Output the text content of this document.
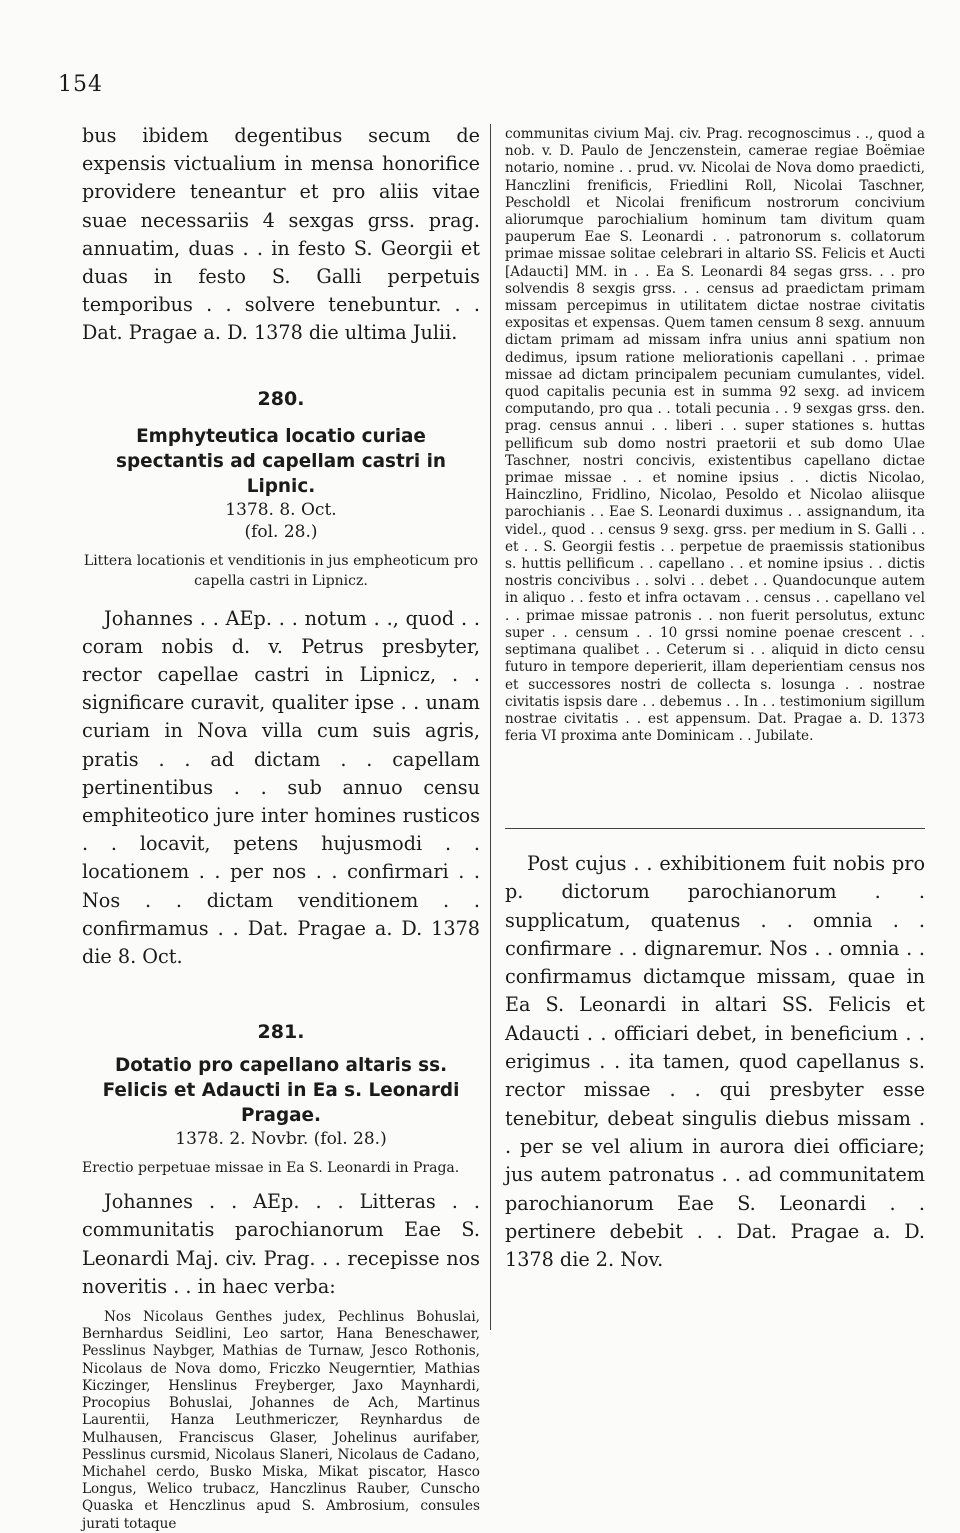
154

bus ibidem degentibus secum de expensis victualium in mensa honorifice providere teneantur et pro aliis vitae suae necessariis 4 sexgas grss. prag. annuatim, duas . . in festo S. Georgii et duas in festo S. Galli perpetuis temporibus . . solvere tenebuntur. . . Dat. Pragae a. D. 1378 die ultima Julii.

280.

Emphyteutica locatio curiae spectantis ad capellam castri in Lipnic.

1378. 8. Oct.

(fol. 28.)

Littera locationis et venditionis in jus empheoticum pro capella castri in Lipnicz.

Johannes . . AEp. . . notum . ., quod . . coram nobis d. v. Petrus presbyter, rector capellae castri in Lipnicz, . . significare curavit, qualiter ipse . . unam curiam in Nova villa cum suis agris, pratis . . ad dictam . . capellam pertinentibus . . sub annuo censu emphiteotico jure inter homines rusticos . . locavit, petens hujusmodi . . locationem . . per nos . . confirmari . . Nos . . dictam venditionem . . confirmamus . . Dat. Pragae a. D. 1378 die 8. Oct.

281.

Dotatio pro capellano altaris ss. Felicis et Adaucti in Ea s. Leonardi Pragae.

1378. 2. Novbr. (fol. 28.)

Erectio perpetuae missae in Ea S. Leonardi in Praga.

Johannes . . AEp. . . Litteras . . communitatis parochianorum Eae S. Leonardi Maj. civ. Prag. . . recepisse nos noveritis . . in haec verba:

Nos Nicolaus Genthes judex, Pechlinus Bohuslai, Bernhardus Seidlini, Leo sartor, Hana Beneschawer, Pesslinus Naybger, Mathias de Turnaw, Jesco Rothonis, Nicolaus de Nova domo, Friczko Neugerntier, Mathias Kiczinger, Henslinus Freyberger, Jaxo Maynhardi, Procopius Bohuslai, Johannes de Ach, Martinus Laurentii, Hanza Leuthmericzer, Reynhardus de Mulhausen, Franciscus Glaser, Johelinus aurifaber, Pesslinus cursmid, Nicolaus Slaneri, Nicolaus de Cadano, Michahel cerdo, Busko Miska, Mikat piscator, Hasco Longus, Welico trubacz, Hanczlinus Rauber, Cunscho Quaska et Henczlinus apud S. Ambrosium, consules jurati totaque

communitas civium Maj. civ. Prag. recognoscimus . ., quod a nob. v. D. Paulo de Jenczenstein, camerae regiae Boëmiae notario, nomine . . prud. vv. Nicolai de Nova domo praedicti, Hanczlini frenificis, Friedlini Roll, Nicolai Taschner, Pescholdl et Nicolai frenificum nostrorum concivium aliorumque parochialium hominum tam divitum quam pauperum Eae S. Leonardi . . patronorum s. collatorum primae missae solitae celebrari in altario SS. Felicis et Aucti [Adaucti] MM. in . . Ea S. Leonardi 84 segas grss. . . pro solvendis 8 sexgis grss. . . census ad praedictam primam missam percepimus in utilitatem dictae nostrae civitatis expositas et expensas. Quem tamen censum 8 sexg. annuum dictam primam ad missam infra unius anni spatium non dedimus, ipsum ratione meliorationis capellani . . primae missae ad dictam principalem pecuniam cumulantes, videl. quod capitalis pecunia est in summa 92 sexg. ad invicem computando, pro qua . . totali pecunia . . 9 sexgas grss. den. prag. census annui . . liberi . . super stationes s. huttas pellificum sub domo nostri praetorii et sub domo Ulae Taschner, nostri concivis, existentibus capellano dictae primae missae . . et nomine ipsius . . dictis Nicolao, Hainczlino, Fridlino, Nicolao, Pesoldo et Nicolao aliisque parochianis . . Eae S. Leonardi duximus . . assignandum, ita videl., quod . . census 9 sexg. grss. per medium in S. Galli . . et . . S. Georgii festis . . perpetue de praemissis stationibus s. huttis pellificum . . capellano . . et nomine ipsius . . dictis nostris concivibus . . solvi . . debet . . Quandocunque autem in aliquo . . festo et infra octavam . . census . . capellano vel . . primae missae patronis . . non fuerit persolutus, extunc super . . censum . . 10 grssi nomine poenae crescent . . septimana qualibet . . Ceterum si . . aliquid in dicto censu futuro in tempore deperierit, illam deperientiam census nos et successores nostri de collecta s. losunga . . nostrae civitatis ispsis dare . . debemus . . In . . testimonium sigillum nostrae civitatis . . est appensum. Dat. Pragae a. D. 1373 feria VI proxima ante Dominicam . . Jubilate.

Post cujus . . exhibitionem fuit nobis pro p. dictorum parochianorum . . supplicatum, quatenus . . omnia . . confirmare . . dignaremur. Nos . . omnia . . confirmamus dictamque missam, quae in Ea S. Leonardi in altari SS. Felicis et Adaucti . . officiari debet, in beneficium . . erigimus . . ita tamen, quod capellanus s. rector missae . . qui presbyter esse tenebitur, debeat singulis diebus missam . . per se vel alium in aurora diei officiare; jus autem patronatus . . ad communitatem parochianorum Eae S. Leonardi . . pertinere debebit . . Dat. Pragae a. D. 1378 die 2. Nov.
